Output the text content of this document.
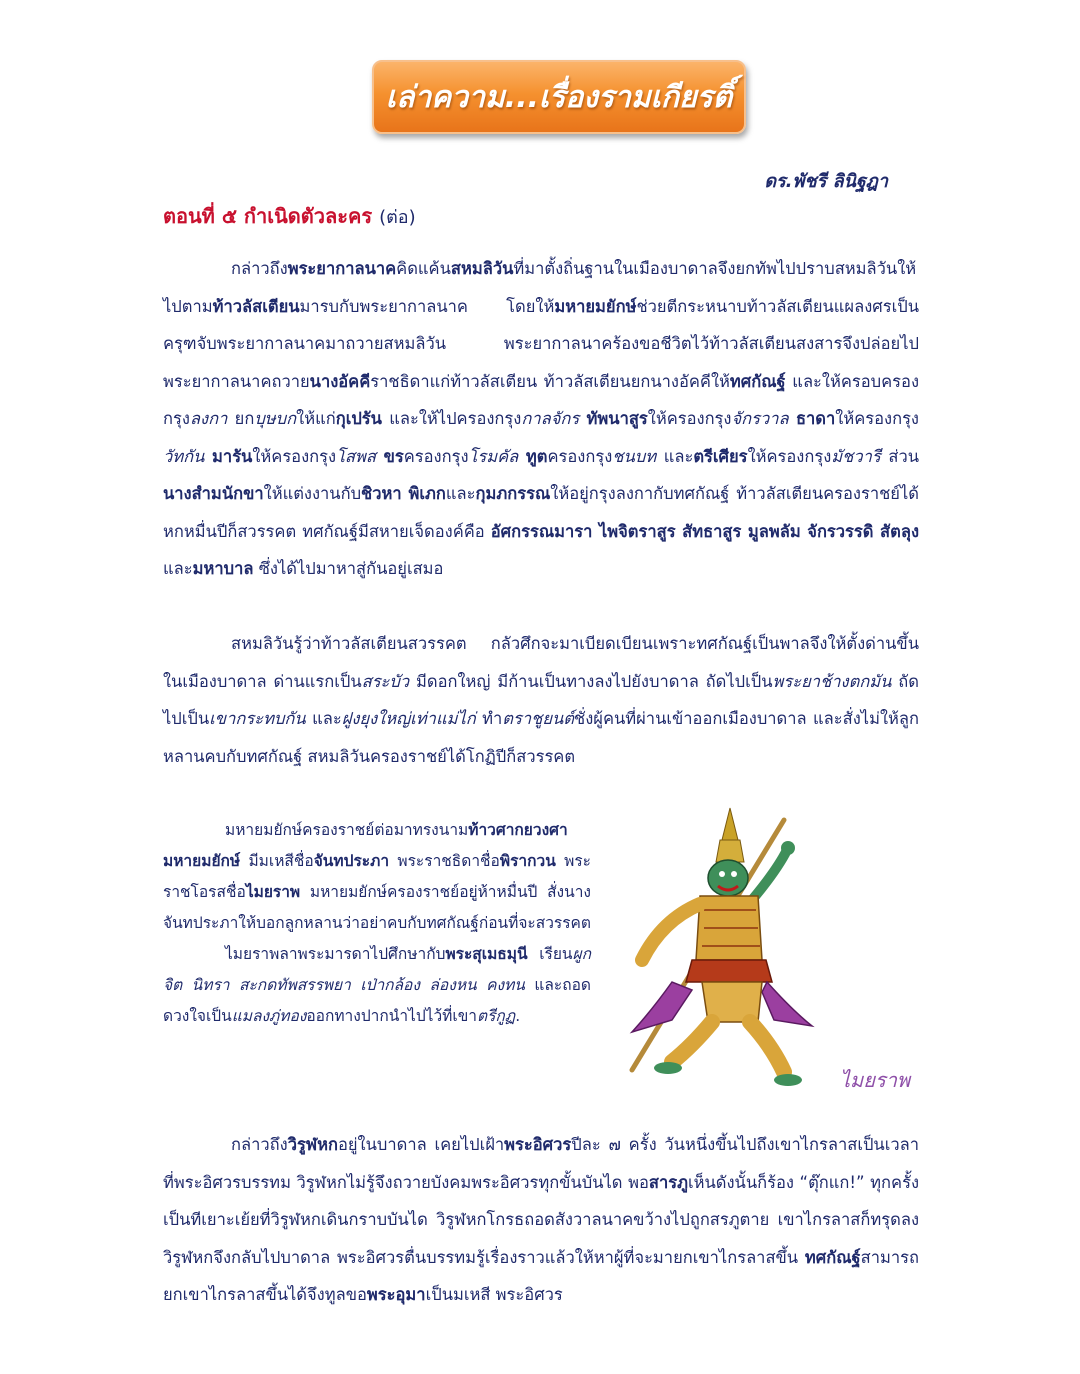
เล่าความ...เรื่องรามเกียรติ์
ดร.พัชรี ลินิฐฎา
ตอนที่ ๕ กำเนิดตัวละคร (ต่อ)
กล่าวถึงพระยากาลนาคคิดแค้นสหมลิวันที่มาตั้งถิ่นฐานในเมืองบาดาลจึงยกทัพไปปราบสหมลิวันให้ไปตามท้าวลัสเตียนมารบกับพระยากาลนาค โดยให้มหายมยักษ์ช่วยตีกระหนาบท้าวลัสเตียนแผลงศรเป็นครุฑจับพระยากาลนาคมาถวายสหมลิวัน พระยากาลนาคร้องขอชีวิตไว้ท้าวลัสเตียนสงสารจึงปล่อยไป พระยากาลนาคถวายนางอัคคีราชธิดาแก่ท้าวลัสเตียน ท้าวลัสเตียนยกนางอัคคีให้ทศกัณฐ์ และให้ครอบครองกรุงลงกา ยกบุษบกให้แก่กุเปรัน และให้ไปครองกรุงกาลจักร ทัพนาสูรให้ครองกรุงจักรวาล ธาดาให้ครองกรุงวัทกัน มารันให้ครองกรุงโสพส ขรครองกรุงโรมคัล ทูตครองกรุงชนบท และตรีเศียรให้ครองกรุงมัชวารี ส่วนนางสำมนักขาให้แต่งงานกับชิวหา พิเภกและกุมภกรรณให้อยู่กรุงลงกากับทศกัณฐ์ ท้าวลัสเตียนครองราชย์ได้หกหมื่นปีก็สวรรคต ทศกัณฐ์มีสหายเจ็ดองค์คือ อัศกรรณมารา ไพจิตราสูร สัทธาสูร มูลพลัม จักรวรรดิ สัตลุง และมหาบาล ซึ่งได้ไปมาหาสู่กันอยู่เสมอ
สหมลิวันรู้ว่าท้าวลัสเตียนสวรรคต กลัวศึกจะมาเบียดเบียนเพราะทศกัณฐ์เป็นพาลจึงให้ตั้งด่านขึ้นในเมืองบาดาล ด่านแรกเป็นสระบัว มีดอกใหญ่ มีก้านเป็นทางลงไปยังบาดาล ถัดไปเป็นพระยาช้างตกมัน ถัดไปเป็นเขากระทบกัน และฝูงยุงใหญ่เท่าแม่ไก่ ทำตราชูยนต์ชั่งผู้คนที่ผ่านเข้าออกเมืองบาดาล และสั่งไม่ให้ลูกหลานคบกับทศกัณฐ์ สหมลิวันครองราชย์ได้โกฏิปีก็สวรรคต
มหายมยักษ์ครองราชย์ต่อมาทรงนามท้าวศากยวงศามหายมยักษ์ มีมเหสีชื่อจันทประภา พระราชธิดาชื่อพิรากวน พระราชโอรสชื่อไมยราพ มหายมยักษ์ครองราชย์อยู่ห้าหมื่นปี สั่งนางจันทประภาให้บอกลูกหลานว่าอย่าคบกับทศกัณฐ์ก่อนที่จะสวรรคต
ไมยราพลาพระมารดาไปศึกษากับพระสุเมธมุนี เรียนผูกจิต นิทรา สะกดทัพสรรพยา เป่ากล้อง ล่องหน คงทน และถอดดวงใจเป็นแมลงภู่ทองออกทางปากนำไปไว้ที่เขาตรีกูฏ.
ไมยราพ
กล่าวถึงวิรูฬหกอยู่ในบาดาล เคยไปเฝ้าพระอิศวรปีละ ๗ ครั้ง วันหนึ่งขึ้นไปถึงเขาไกรลาสเป็นเวลาที่พระอิศวรบรรทม วิรูฬหกไม่รู้จึงถวายบังคมพระอิศวรทุกขั้นบันได พอสารภูเห็นดังนั้นก็ร้อง “ตุ๊กแก!” ทุกครั้งเป็นทีเยาะเย้ยที่วิรูฬหกเดินกราบบันได วิรูฬหกโกรธถอดสังวาลนาคขว้างไปถูกสรภูตาย เขาไกรลาสก็ทรุดลง วิรูฬหกจึงกลับไปบาดาล พระอิศวรตื่นบรรทมรู้เรื่องราวแล้วให้หาผู้ที่จะมายกเขาไกรลาสขึ้น ทศกัณฐ์สามารถยกเขาไกรลาสขึ้นได้จึงทูลขอพระอุมาเป็นมเหสี พระอิศวร
